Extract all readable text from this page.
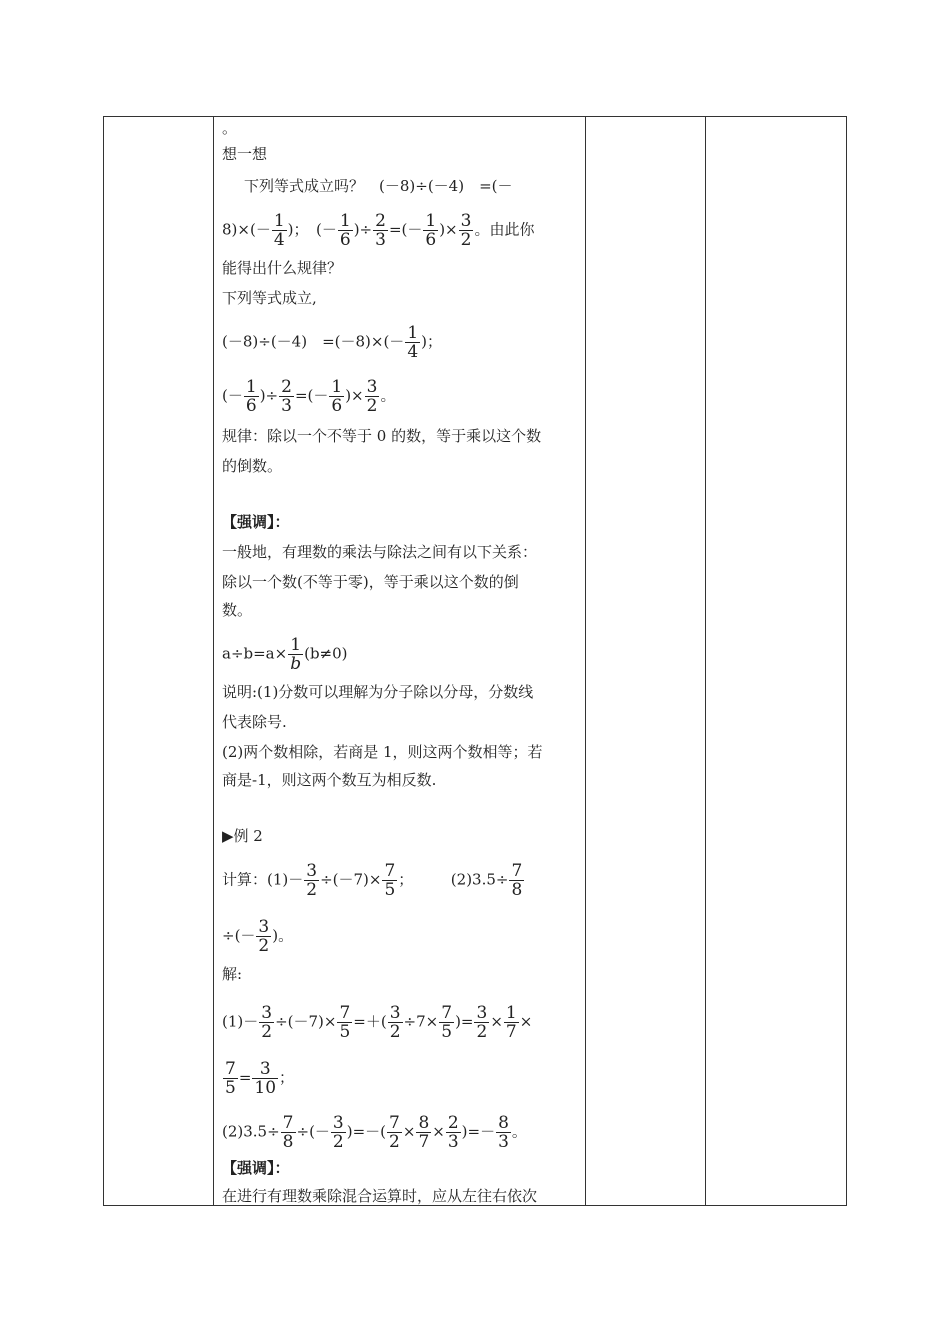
。
想一想
下列等式成立吗？　(－8)÷(－4)　=(－
$8)\times(- \frac{1}{4}$ )；　(－ $\frac{1}{6}$ )÷ $\frac{2}{3}$ =(－ $\frac{1}{6}$ )× $\frac{3}{2}$ 。由此你
能得出什么规律？
下列等式成立,
(－8)÷(－4)　$=(-8)\times(- \frac{1}{4}$ )；
(－ $\frac{1}{6}$ )÷ $\frac{2}{3}$ =(－ $\frac{1}{6}$ )× $\frac{3}{2}$ 。
规律：除以一个不等于 0 的数，等于乘以这个数
的倒数。
【强调】：
一般地，有理数的乘法与除法之间有以下关系：
除以一个数(不等于零)，等于乘以这个数的倒
数。
$a\div b=a\times \frac{1}{b} (b\ne 0)$
说明:(1)分数可以理解为分子除以分母，分数线
代表除号.
(2)两个数相除，若商是 1，则这两个数相等；若
商是-1，则这两个数互为相反数.
▶例 2
计算：$(1)- \frac{3}{2} \div(-7)\times \frac{7}{5}$ ；　　　$(2)3.5\div \frac{7}{8}$
÷(－ $\frac{3}{2}$ )。
解:
$(1)- \frac{3}{2} \div(-7)\times \frac{7}{5}$ =＋( $\frac{3}{2} \div 7\times \frac{7}{5}$ )= $\frac{3}{2} \times \frac{1}{7}$ ×
$\frac{7}{5} = \frac{3}{10}$ ；
$(2)3.5\div \frac{7}{8}$ ÷(－ $\frac{3}{2}$ )=－( $\frac{7}{2} \times \frac{8}{7} \times \frac{2}{3}$ )=－ $\frac{8}{3}$ 。
【强调】：
在进行有理数乘除混合运算时，应从左往右依次
